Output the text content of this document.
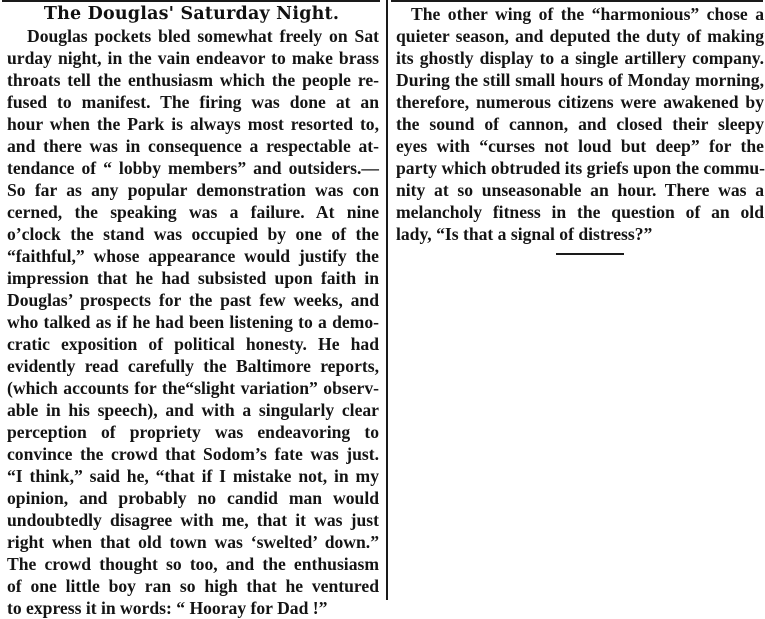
The Douglas' Saturday Night.
Douglas pockets bled somewhat freely on Sat
urday night, in the vain endeavor to make brass
throats tell the enthusiasm which the people re-
fused to manifest. The firing was done at an
hour when the Park is always most resorted to,
and there was in consequence a respectable at-
tendance of “ lobby members” and outsiders.—
So far as any popular demonstration was con
cerned, the speaking was a failure. At nine
o’clock the stand was occupied by one of the
“faithful,” whose appearance would justify the
impression that he had subsisted upon faith in
Douglas’ prospects for the past few weeks, and
who talked as if he had been listening to a demo-
cratic exposition of political honesty. He had
evidently read carefully the Baltimore reports,
(which accounts for the“slight variation” observ-
able in his speech), and with a singularly clear
perception of propriety was endeavoring to
convince the crowd that Sodom’s fate was just.
“I think,” said he, “that if I mistake not, in my
opinion, and probably no candid man would
undoubtedly disagree with me, that it was just
right when that old town was ‘swelted’ down.”
The crowd thought so too, and the enthusiasm
of one little boy ran so high that he ventured
to express it in words: “ Hooray for Dad !”
The other wing of the “harmonious” chose a
quieter season, and deputed the duty of making
its ghostly display to a single artillery company.
During the still small hours of Monday morning,
therefore, numerous citizens were awakened by
the sound of cannon, and closed their sleepy
eyes with “curses not loud but deep” for the
party which obtruded its griefs upon the commu-
nity at so unseasonable an hour. There was a
melancholy fitness in the question of an old
lady, “Is that a signal of distress?”
